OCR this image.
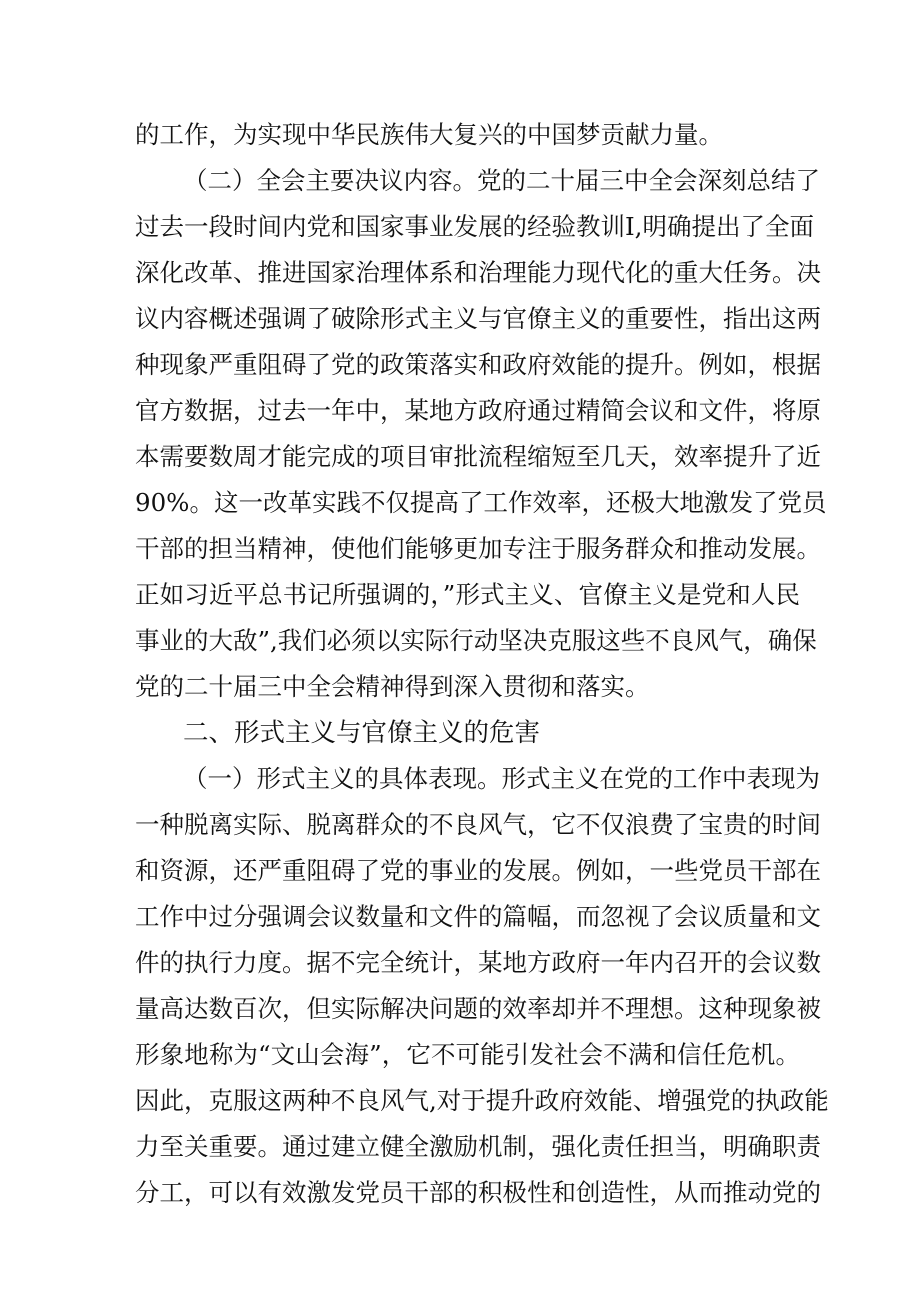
的工作，为实现中华民族伟大复兴的中国梦贡献力量。
（二）全会主要决议内容。党的二十届三中全会深刻总结了
过去一段时间内党和国家事业发展的经验教训I,明确提出了全面
深化改革、推进国家治理体系和治理能力现代化的重大任务。决
议内容概述强调了破除形式主义与官僚主义的重要性，指出这两
种现象严重阻碍了党的政策落实和政府效能的提升。例如，根据
官方数据，过去一年中，某地方政府通过精简会议和文件，将原
本需要数周才能完成的项目审批流程缩短至几天，效率提升了近
90%。这一改革实践不仅提高了工作效率，还极大地激发了党员
干部的担当精神，使他们能够更加专注于服务群众和推动发展。
正如习近平总书记所强调的，”形式主义、官僚主义是党和人民
事业的大敌”,我们必须以实际行动坚决克服这些不良风气，确保
党的二十届三中全会精神得到深入贯彻和落实。
二、形式主义与官僚主义的危害
（一）形式主义的具体表现。形式主义在党的工作中表现为
一种脱离实际、脱离群众的不良风气，它不仅浪费了宝贵的时间
和资源，还严重阻碍了党的事业的发展。例如，一些党员干部在
工作中过分强调会议数量和文件的篇幅，而忽视了会议质量和文
件的执行力度。据不完全统计，某地方政府一年内召开的会议数
量高达数百次，但实际解决问题的效率却并不理想。这种现象被
形象地称为“文山会海”，它不可能引发社会不满和信任危机。
因此，克服这两种不良风气,对于提升政府效能、增强党的执政能
力至关重要。通过建立健全激励机制，强化责任担当，明确职责
分工，可以有效激发党员干部的积极性和创造性，从而推动党的
